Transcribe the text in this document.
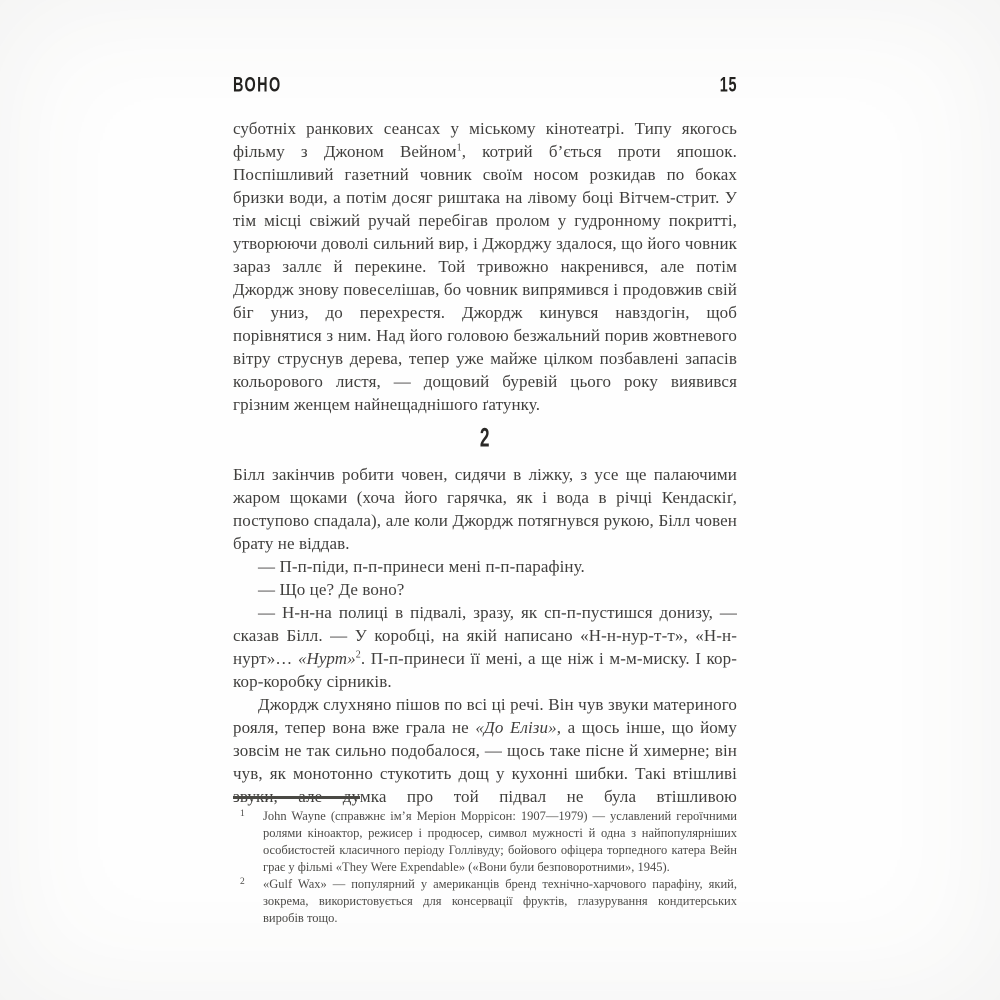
ВОНО	15

суботніх ранкових сеансах у міському кінотеатрі. Типу якогось фільму з Джоном Вейном$^1$, котрий б’ється проти япошок. Поспішливий газетний човник своїм носом розкидав по боках бризки води, а потім досяг риштака на лівому боці Вітчем-стрит. У тім місці свіжий ручай перебігав пролом у гудронному покритті, утворюючи доволі сильний вир, і Джорджу здалося, що його човник зараз заллє й перекине. Той тривожно накренився, але потім Джордж знову повеселішав, бо човник випрямився і продовжив свій біг униз, до перехрестя. Джордж кинувся навздогін, щоб порівнятися з ним. Над його головою безжальний порив жовтневого вітру струснув дерева, тепер уже майже цілком позбавлені запасів кольорового листя, — дощовий буревій цього року виявився грізним женцем найнещаднішого ґатунку.

2

Білл закінчив робити човен, сидячи в ліжку, з усе ще палаючими жаром щоками (хоча його гарячка, як і вода в річці Кендаскіґ, поступово спадала), але коли Джордж потягнувся рукою, Білл човен брату не віддав.

— П-п-піди, п-п-принеси мені п-п-парафіну.

— Що це? Де воно?

— Н-н-на полиці в підвалі, зразу, як сп-п-пустишся донизу, — сказав Білл. — У коробці, на якій написано «Н-н-нур-т-т», «Н-н-нурт»… «Нурт»$^2$. П-п-принеси її мені, а ще ніж і м-м-миску. І кор-кор-коробку сірників.

Джордж слухняно пішов по всі ці речі. Він чув звуки материного рояля, тепер вона вже грала не «До Елізи», а щось інше, що йому зовсім не так сильно подобалося, — щось таке пісне й химерне; він чув, як монотонно стукотить дощ у кухонні шибки. Такі втішливі звуки, але думка про той підвал не була втішливою

1 John Wayne (справжнє ім’я Меріон Моррісон: 1907—1979) — уславлений героїчними ролями кіноактор, режисер і продюсер, символ мужності й одна з найпопулярніших особистостей класичного періоду Голлівуду; бойового офіцера торпедного катера Вейн грає у фільмі «They Were Expendable» («Вони були безповоротними», 1945).

2 «Gulf Wax» — популярний у американців бренд технічно-харчового парафіну, який, зокрема, використовується для консервації фруктів, глазурування кондитерських виробів тощо.
